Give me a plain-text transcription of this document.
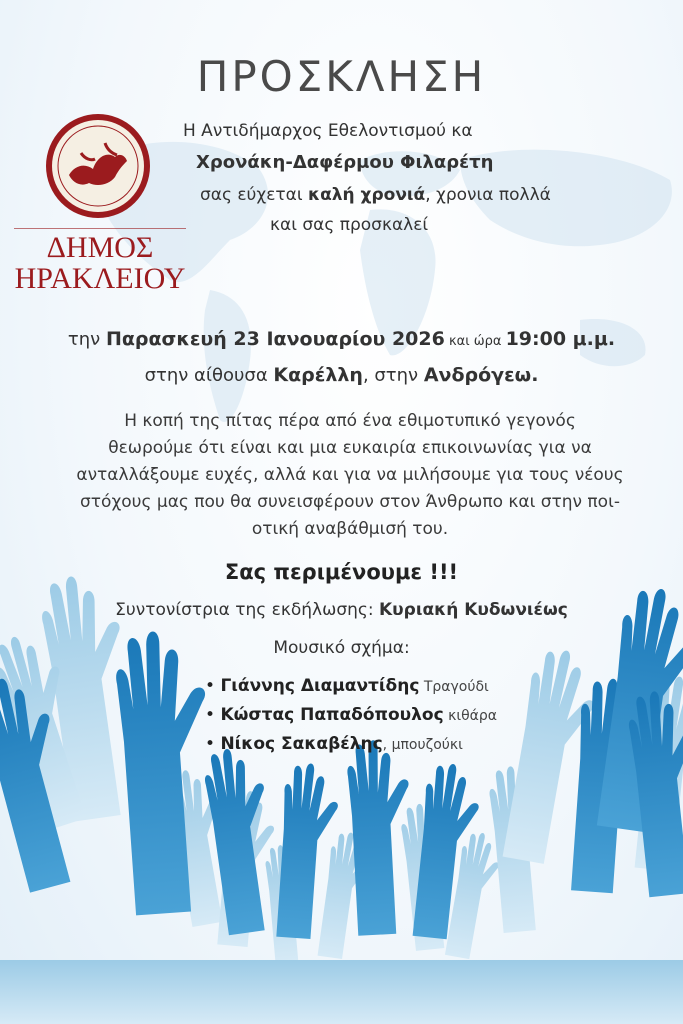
ΠΡΟΣΚΛΗΣΗ
ΔΗΜΟΣ
ΗΡΑΚΛΕΙΟΥ

Η Αντιδήμαρχος Εθελοντισμού κα

Χρονάκη-Δαφέρμου Φιλαρέτη

σας εύχεται καλή χρονιά, χρονια πολλά

και σας προσκαλεί

την Παρασκευή 23 Ιανουαρίου 2026 και ώρα 19:00 μ.μ.
στην αίθουσα Καρέλλη, στην Ανδρόγεω.
Η κοπή της πίτας πέρα από ένα εθιμοτυπικό γεγονός
θεωρούμε ότι είναι και μια ευκαιρία επικοινωνίας για να
ανταλλάξουμε ευχές, αλλά και για να μιλήσουμε για τους νέους
στόχους μας που θα συνεισφέρουν στον Άνθρωπο και στην ποι-
οτική αναβάθμισή του.
Σας περιμένουμε !!!
Συντονίστρια της εκδήλωσης: Κυριακή Κυδωνιέως
Μουσικό σχήμα:
• Γιάννης Διαμαντίδης Τραγούδι
• Κώστας Παπαδόπουλος κιθάρα
• Νίκος Σακαβέλης, μπουζούκι
